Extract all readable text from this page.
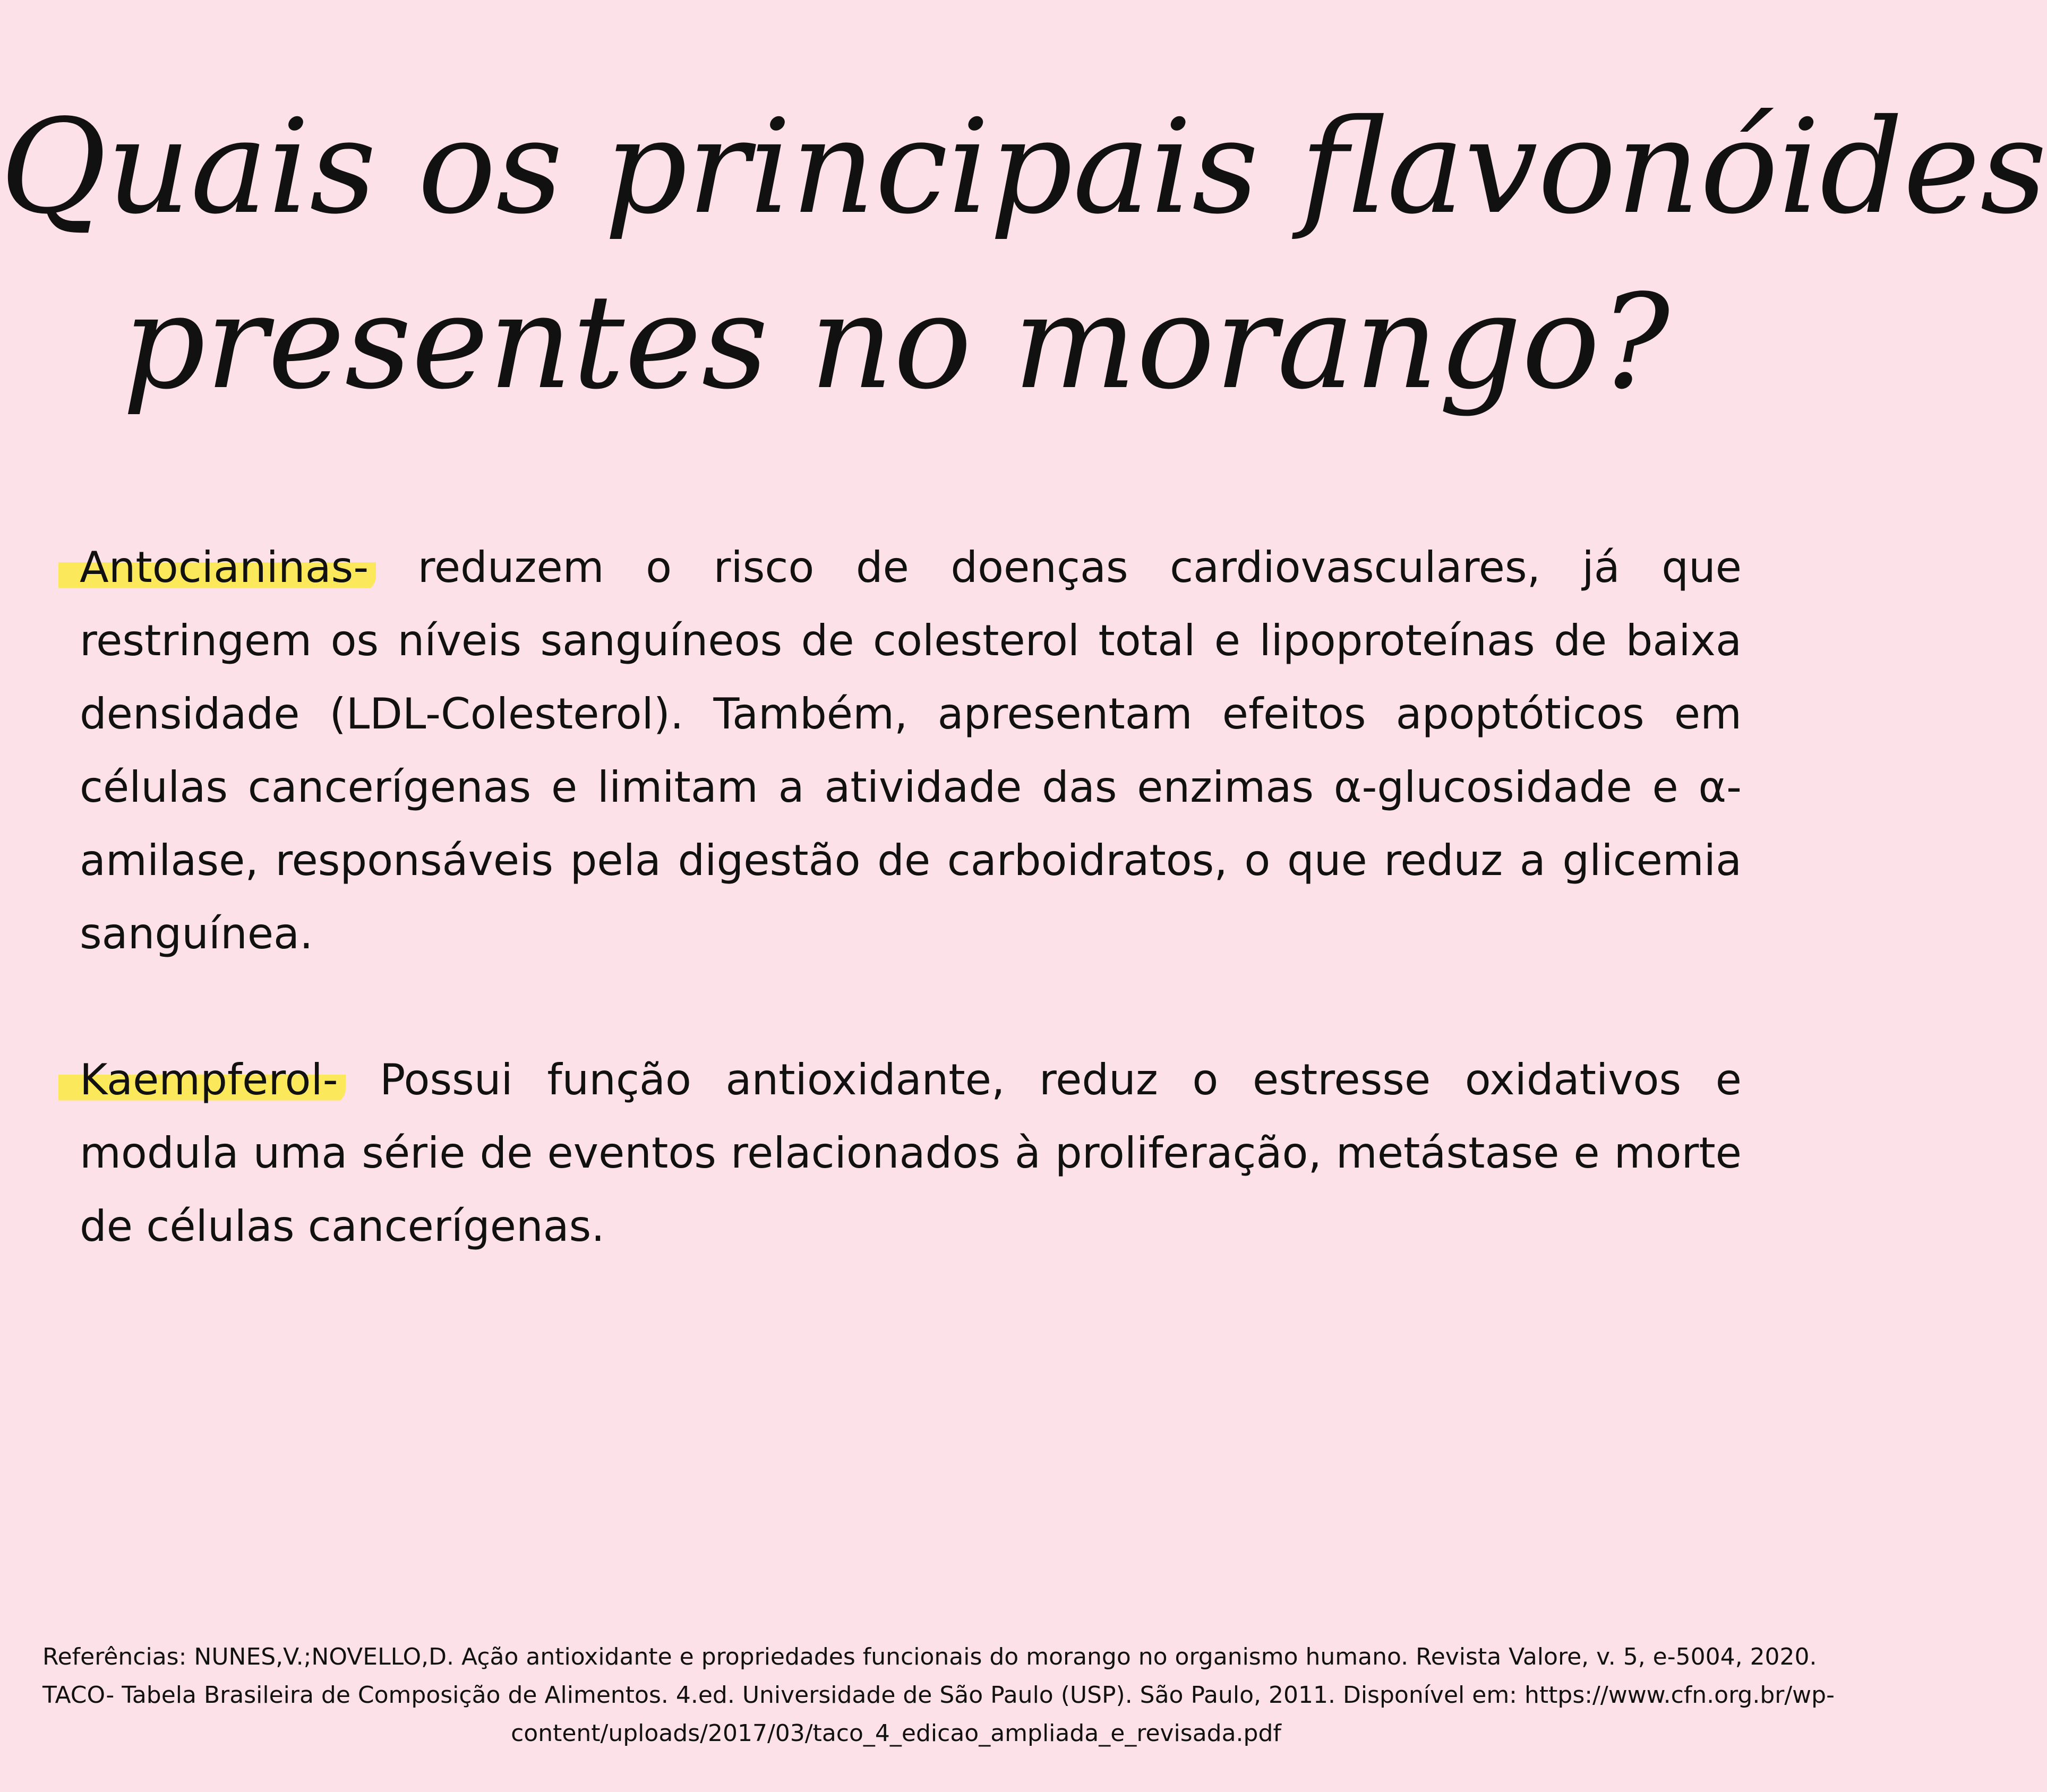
Quais os principais flavonóides
presentes no morango?

Antocianinas- reduzem o risco de doenças cardiovasculares, já que restringem os níveis sanguíneos de colesterol total e lipoproteínas de baixa densidade (LDL-Colesterol). Também, apresentam efeitos apoptóticos em células cancerígenas e limitam a atividade das enzimas α-glucosidade e α-amilase, responsáveis pela digestão de carboidratos, o que reduz a glicemia sanguínea.

Kaempferol- Possui função antioxidante, reduz o estresse oxidativos e modula uma série de eventos relacionados à proliferação, metástase e morte de células cancerígenas.

Referências: NUNES,V.;NOVELLO,D. Ação antioxidante e propriedades funcionais do morango no organismo humano. Revista Valore, v. 5, e-5004, 2020.
TACO- Tabela Brasileira de Composição de Alimentos. 4.ed. Universidade de São Paulo (USP). São Paulo, 2011. Disponível em: https://www.cfn.org.br/wp-
content/uploads/2017/03/taco_4_edicao_ampliada_e_revisada.pdf
